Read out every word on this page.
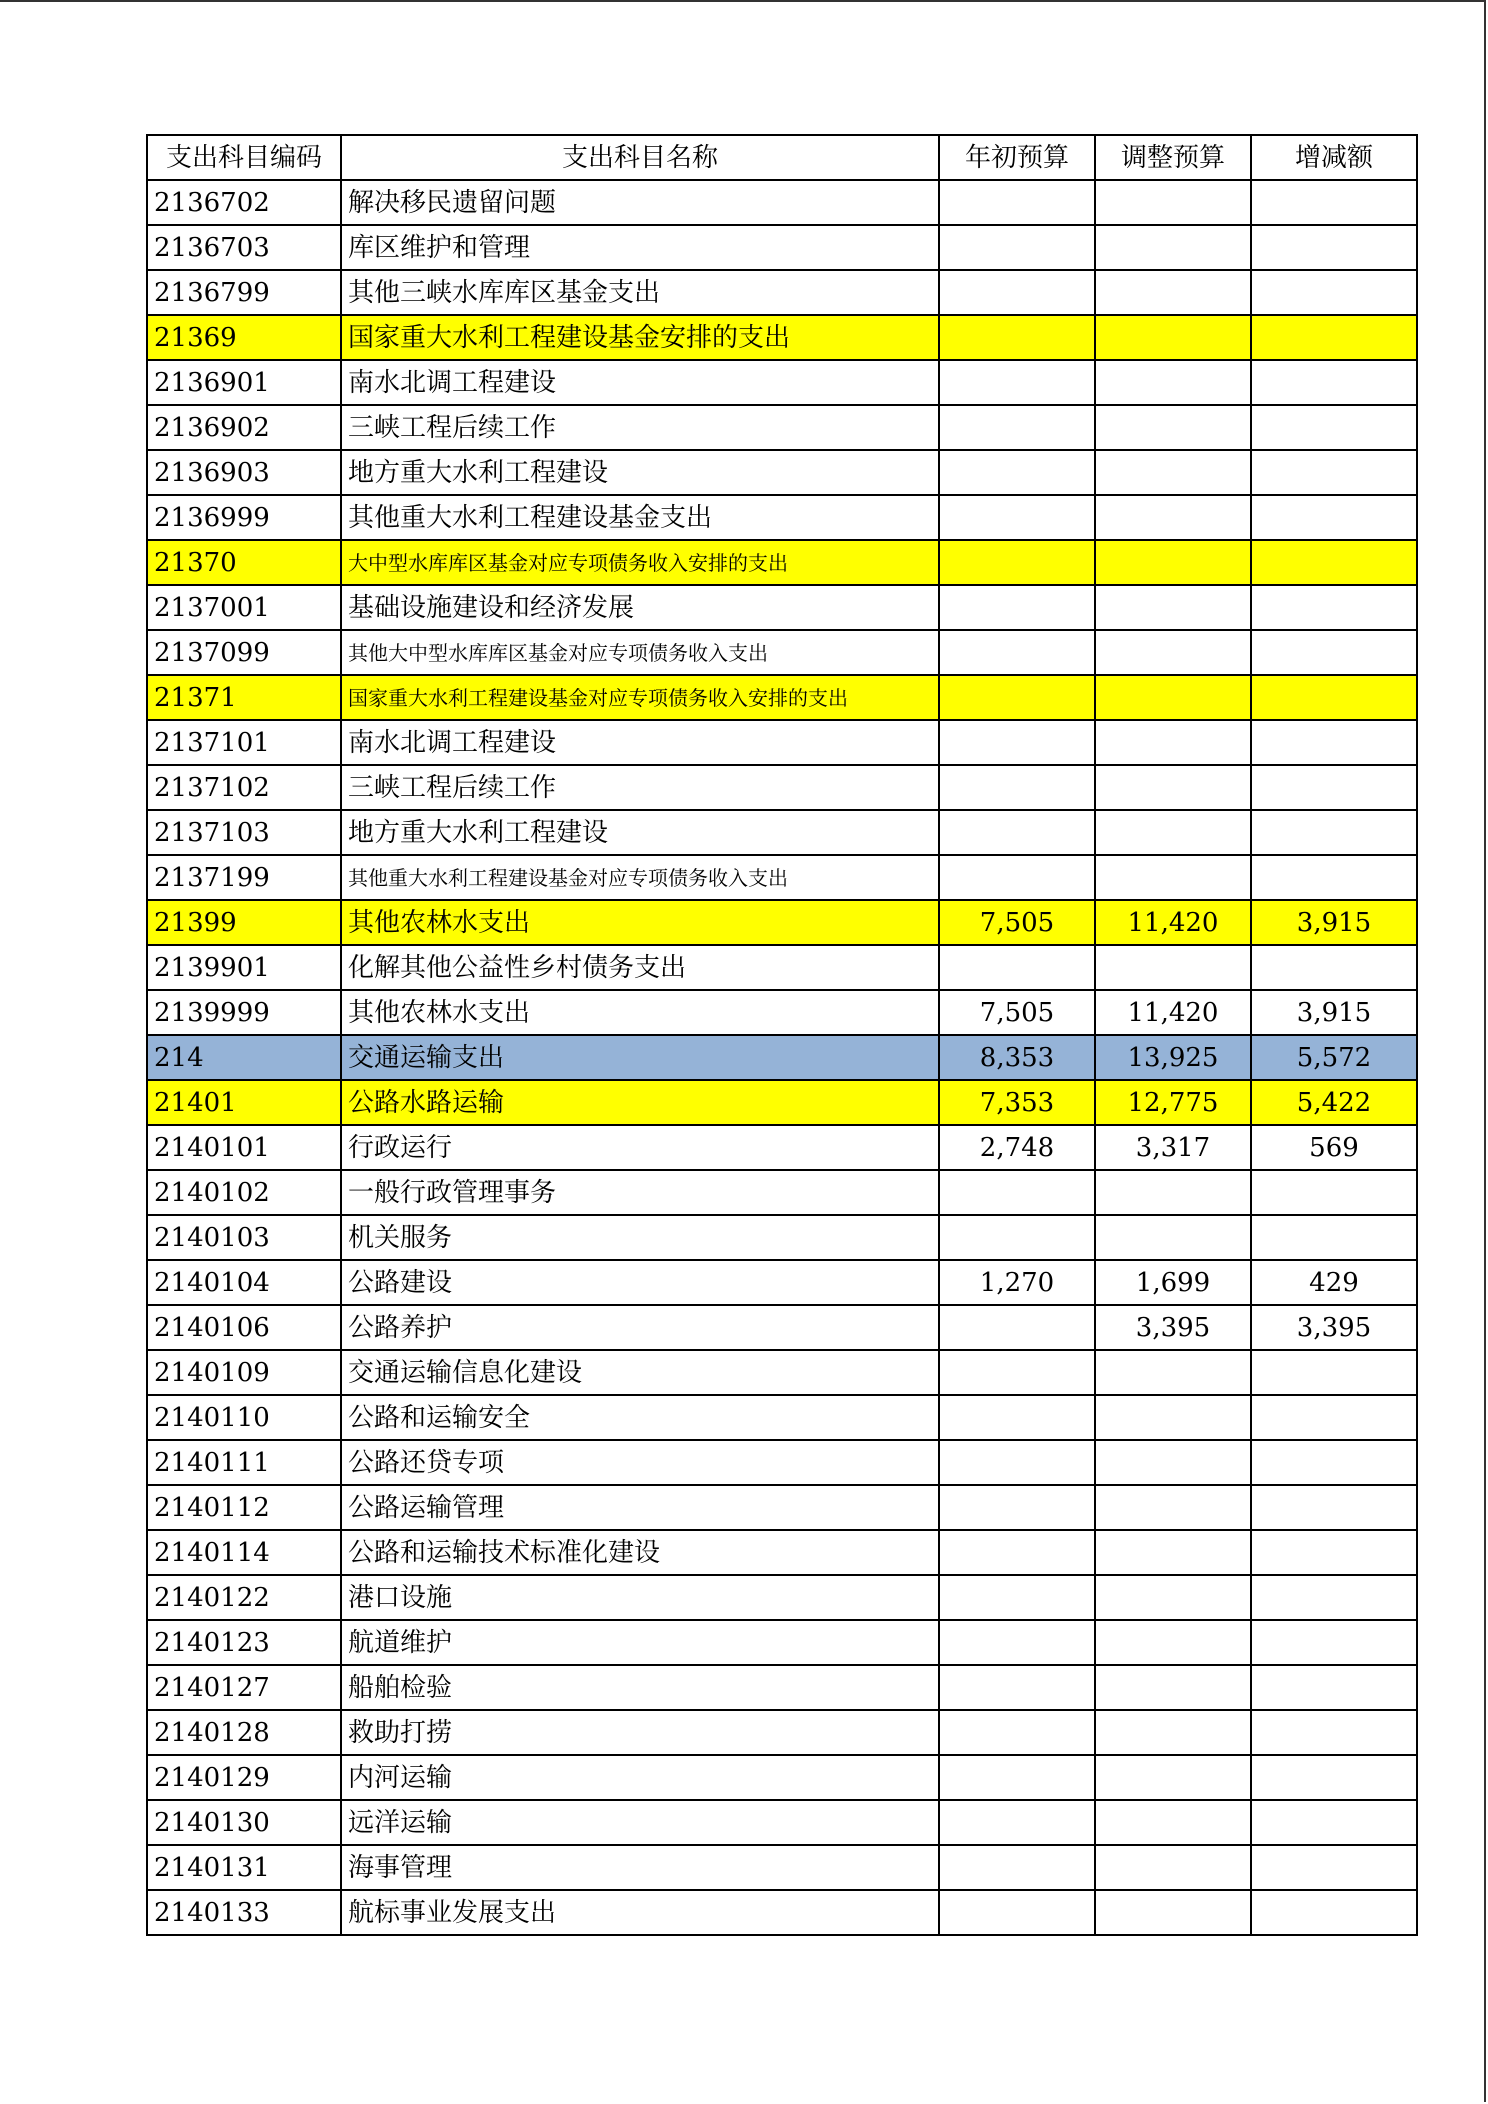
支出科目编码	支出科目名称	年初预算	调整预算	增减额
2136702	解决移民遗留问题			
2136703	库区维护和管理			
2136799	其他三峡水库库区基金支出			
21369	国家重大水利工程建设基金安排的支出			
2136901	南水北调工程建设			
2136902	三峡工程后续工作			
2136903	地方重大水利工程建设			
2136999	其他重大水利工程建设基金支出			
21370	大中型水库库区基金对应专项债务收入安排的支出			
2137001	基础设施建设和经济发展			
2137099	其他大中型水库库区基金对应专项债务收入支出			
21371	国家重大水利工程建设基金对应专项债务收入安排的支出			
2137101	南水北调工程建设			
2137102	三峡工程后续工作			
2137103	地方重大水利工程建设			
2137199	其他重大水利工程建设基金对应专项债务收入支出			
21399	其他农林水支出	7,505	11,420	3,915
2139901	化解其他公益性乡村债务支出			
2139999	其他农林水支出	7,505	11,420	3,915
214	交通运输支出	8,353	13,925	5,572
21401	公路水路运输	7,353	12,775	5,422
2140101	行政运行	2,748	3,317	569
2140102	一般行政管理事务			
2140103	机关服务			
2140104	公路建设	1,270	1,699	429
2140106	公路养护		3,395	3,395
2140109	交通运输信息化建设			
2140110	公路和运输安全			
2140111	公路还贷专项			
2140112	公路运输管理			
2140114	公路和运输技术标准化建设			
2140122	港口设施			
2140123	航道维护			
2140127	船舶检验			
2140128	救助打捞			
2140129	内河运输			
2140130	远洋运输			
2140131	海事管理			
2140133	航标事业发展支出			
